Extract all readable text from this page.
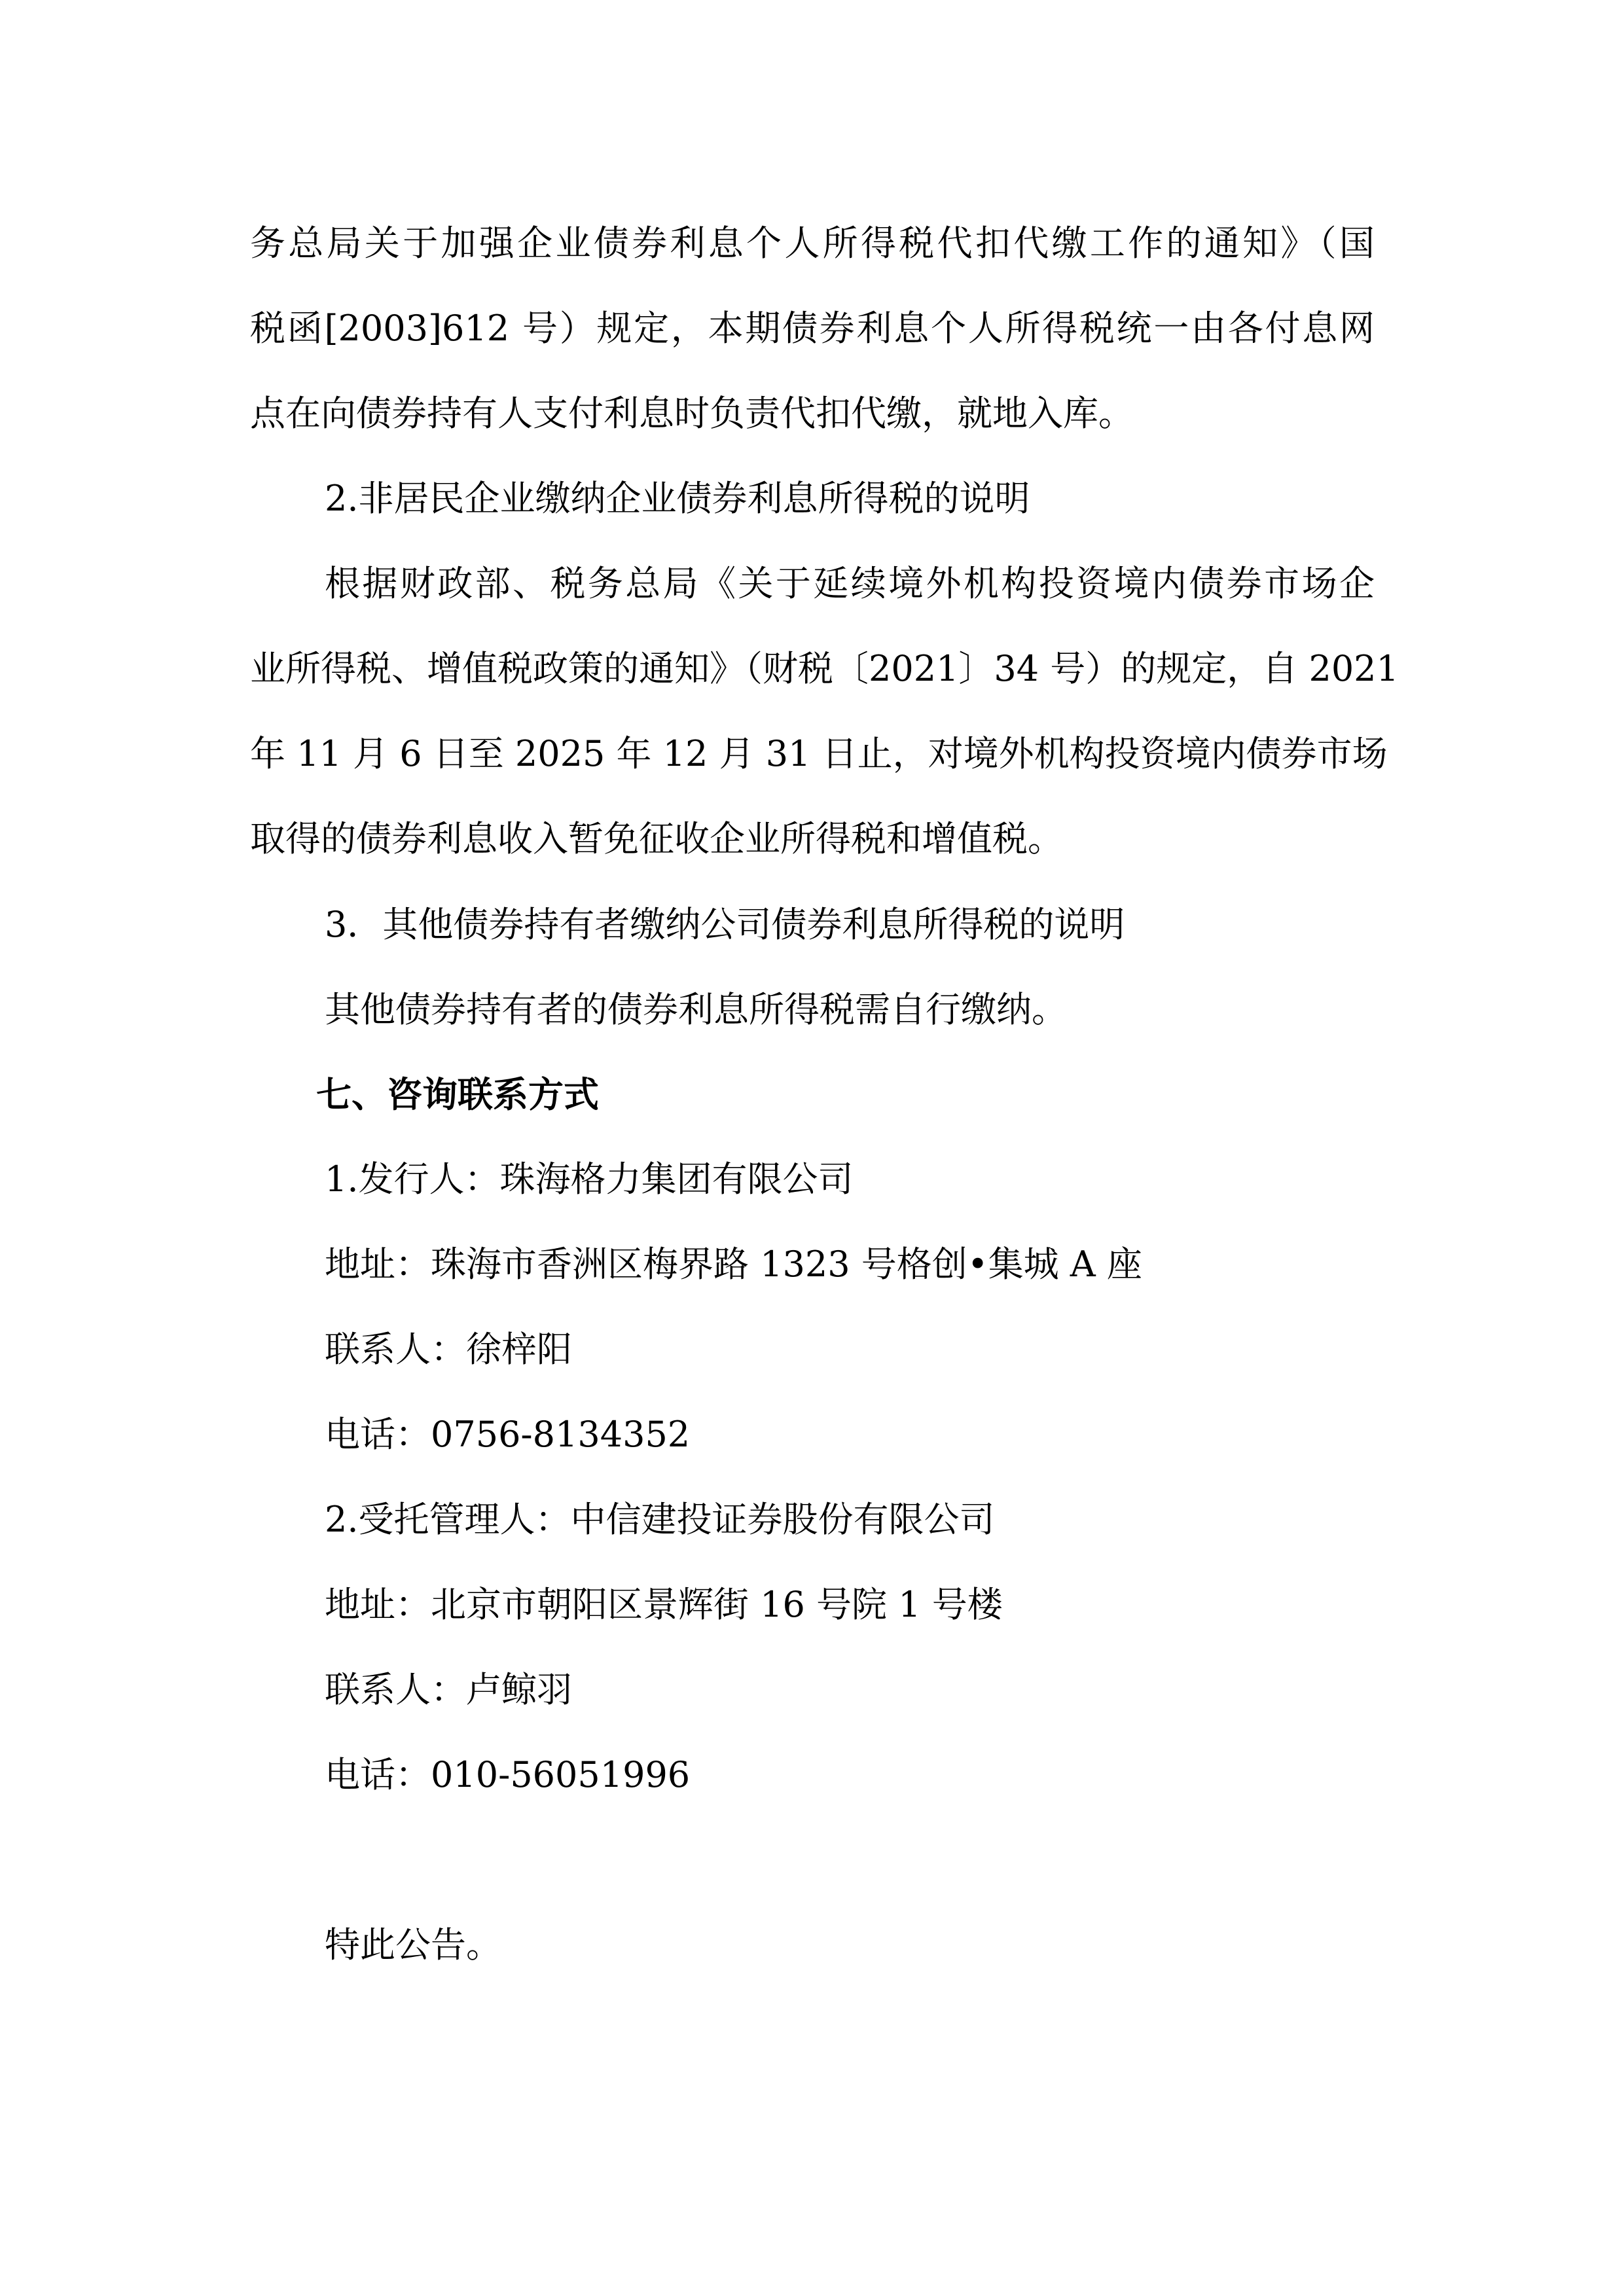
务总局关于加强企业债券利息个人所得税代扣代缴工作的通知》（国
税函[2003]612 号）规定，本期债券利息个人所得税统一由各付息网
点在向债券持有人支付利息时负责代扣代缴，就地入库。
2.非居民企业缴纳企业债券利息所得税的说明
根据财政部、税务总局《关于延续境外机构投资境内债券市场企
业所得税、增值税政策的通知》（财税〔2021〕34 号）的规定，自 2021
年 11 月 6 日至 2025 年 12 月 31 日止，对境外机构投资境内债券市场
取得的债券利息收入暂免征收企业所得税和增值税。
3．其他债券持有者缴纳公司债券利息所得税的说明
其他债券持有者的债券利息所得税需自行缴纳。
七、咨询联系方式
1.发行人：珠海格力集团有限公司
地址：珠海市香洲区梅界路 1323 号格创•集城 A 座
联系人：徐梓阳
电话：0756-8134352
2.受托管理人：中信建投证券股份有限公司
地址：北京市朝阳区景辉街 16 号院 1 号楼
联系人：卢鲸羽
电话：010-56051996
特此公告。
